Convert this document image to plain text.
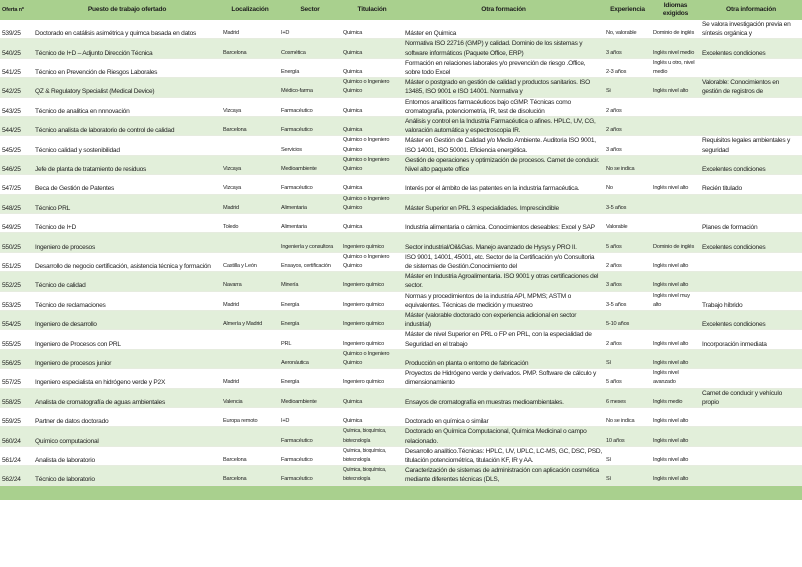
Oferta nº	Puesto de trabajo ofertado	Localización	Sector	Titulación	Otra formación	Experiencia	Idiomas exigidos	Otra información
539/25	Doctorado en catálisis asimétrica y quimca basada en datos	Madrid	I+D	Quimica	Máster en Quimica	No, valorable	Dominio de inglés	Se valora investigación previa en síntesis orgánica y
540/25	Técnico de I+D – Adjunto Dirección Técnica	Barcelona	Cosmética	Quimica	Normativa ISO 22716 (GMP) y calidad. Dominio de los sistemas y software informáticos (Paquete Office, ERP)	3 años	Inglés nivel medio	Excelentes condiciones
541/25	Técnico en Prevención de Riesgos Laborales		Energía	Quimica	Formación en relaciones laborales y/o prevención de riesgo .Office, sobre todo Excel	2-3 años	Inglés u otro, nivel medio	
542/25	QZ & Regulatory Specialist (Medical Device)		Médico-farma	Quimico o Ingeniero Quimico	Máster o postgrado en gestión de calidad y productos sanitarios. ISO 13485, ISO 9001 e ISO 14001. Normativa y	Si	Inglés nivel alto	Valorable: Conocimientos en gestión de registros de
543/25	Técnico de analitica en nnnovación	Vizcaya	Farmacéutico	Quimica	Entornos analíticos farmacéuticos bajo cGMP. Técnicas como cromatografía, potenciometría, IR, test de disolución	2 años		
544/25	Técnico analista de laboratorio de control de calidad	Barcelona	Farmacéutico	Quimica	Análisis y control en la Industria Farmacéutica o afines. HPLC, UV, CG, valoración automática y espectroscopia IR.	2 años		
545/25	Técnico calidad y sostenibilidad		Servicios	Quimico o Ingeniero Quimico	Máster en Gestión de Calidad y/o Medio Ambiente. Auditoria ISO 9001, ISO 14001, ISO 50001. Eficiencia energética.	3 años		Requisitos legales ambientales y seguridad
546/25	Jefe de planta de tratamiento de residuos	Vizcaya	Medioambiente	Quimico o Ingeniero Quimico	Gestión de operaciones y optimización de procesos. Carnet de conducir. Nivel alto paquete office	No se indica		Excelentes condiciones
547/25	Beca de Gestión de Patentes	Vizcaya	Farmacéutico	Quimica	Interés por el ámbito de las patentes en la industria farmacéutica.	No	Inglés nivel alto	Recién titulado
548/25	Técnico PRL	Madrid	Alimentaria	Quimico o Ingeniero Quimico	Máster Superior en PRL 3 especialidades. Imprescindible	3-5 años		
549/25	Técnico de I+D	Toledo	Alimentaria	Quimica	Industria alimentaria o cárnica. Conocimientos deseables: Excel y SAP	Valorable		Planes de formación
550/25	Ingeniero de procesos		Ingeniería y consultora	Ingeniero químico	Sector industrial/Oil&Gas. Manejo avanzado de Hysys y PRO II.	5 años	Dominio de inglés	Excelentes condiciones
551/25	Desarrollo de negocio certificación, asistencia técnica y formación	Castilla y León	Ensayos, certificación	Quimico o Ingeniero Quimico	ISO 9001, 14001, 45001, etc. Sector de la Certificación y/o Consultoria de sistemas de Gestión.Conocimiento del	2 años	Inglés nivel alto	
552/25	Técnico de calidad	Navarra	Minería	Ingeniero químico	Máster en Industria Agroalimentaria. ISO 9001 y otras certificaciones del sector.	3 años	Inglés nivel alto	
553/25	Técnico de reclamaciones	Madrid	Energía	Ingeniero químico	Normas y procedimientos de la industria API, MPMS; ASTM o equivalentes. Técnicas de medición y muestreo	3-5 años	Inglés nivel muy alto	Trabajo híbrido
554/25	Ingeniero de desarrollo	Almería y Madrid	Energía	Ingeniero químico	Máster (valorable doctorado con experiencia adicional en sector industrial)	5-10 años		Excelentes condiciones
555/25	Ingeniero de Procesos con PRL		PRL	Ingeniero químico	Máster de nivel Superior en PRL o FP en PRL, con la especialidad de Seguridad en el trabajo	2 años	Inglés nivel alto	Incorporación inmediata
556/25	Ingeniero de procesos junior		Aeronáutica	Quimico o Ingeniero Quimico	Producción en planta o entorno de fabricación	Sí	Inglés nivel alto	
557/25	Ingeniero especialista en hidrógeno verde y P2X	Madrid	Energía	Ingeniero químico	Proyectos de Hidrógeno verde y derivados. PMP. Software de cálculo y dimensionamiento	5 años	Inglés nivel avanzado	
558/25	Analista de cromatografía de aguas ambientales	Valencia	Medioambiente	Quimica	Ensayos de cromatografía en muestras medioambientales.	6 meses	Inglés medio	Carnet de conducir y vehículo propio
559/25	Partner de datos doctorado	Europa remoto	I+D	Quimica	Doctorado en química o similar	No se indica	Inglés nivel alto	
560/24	Químico computacional		Farmacéutico	Química, bioquímica, biotecnología	Doctorado en Química Computacional, Química Medicinal o campo relacionado.	10 años	Inglés nivel alto	
561/24	Analista de laboratorio	Barcelona	Farmacéutico	Química, bioquímica, biotecnología	Desarrollo analítico.Técnicas: HPLC, UV, UPLC, LC-MS, GC, DSC, PSD, titulación potenciométrica, titulación KF, IR y AA.	Sí	Inglés nivel alto	
562/24	Técnico de laboratorio	Barcelona	Farmacéutico	Química, bioquímica, biotecnología	Caracterización de sistemas de administración con aplicación cosmética mediante diferentes técnicas (DLS,	Sí	Inglés nivel alto	
